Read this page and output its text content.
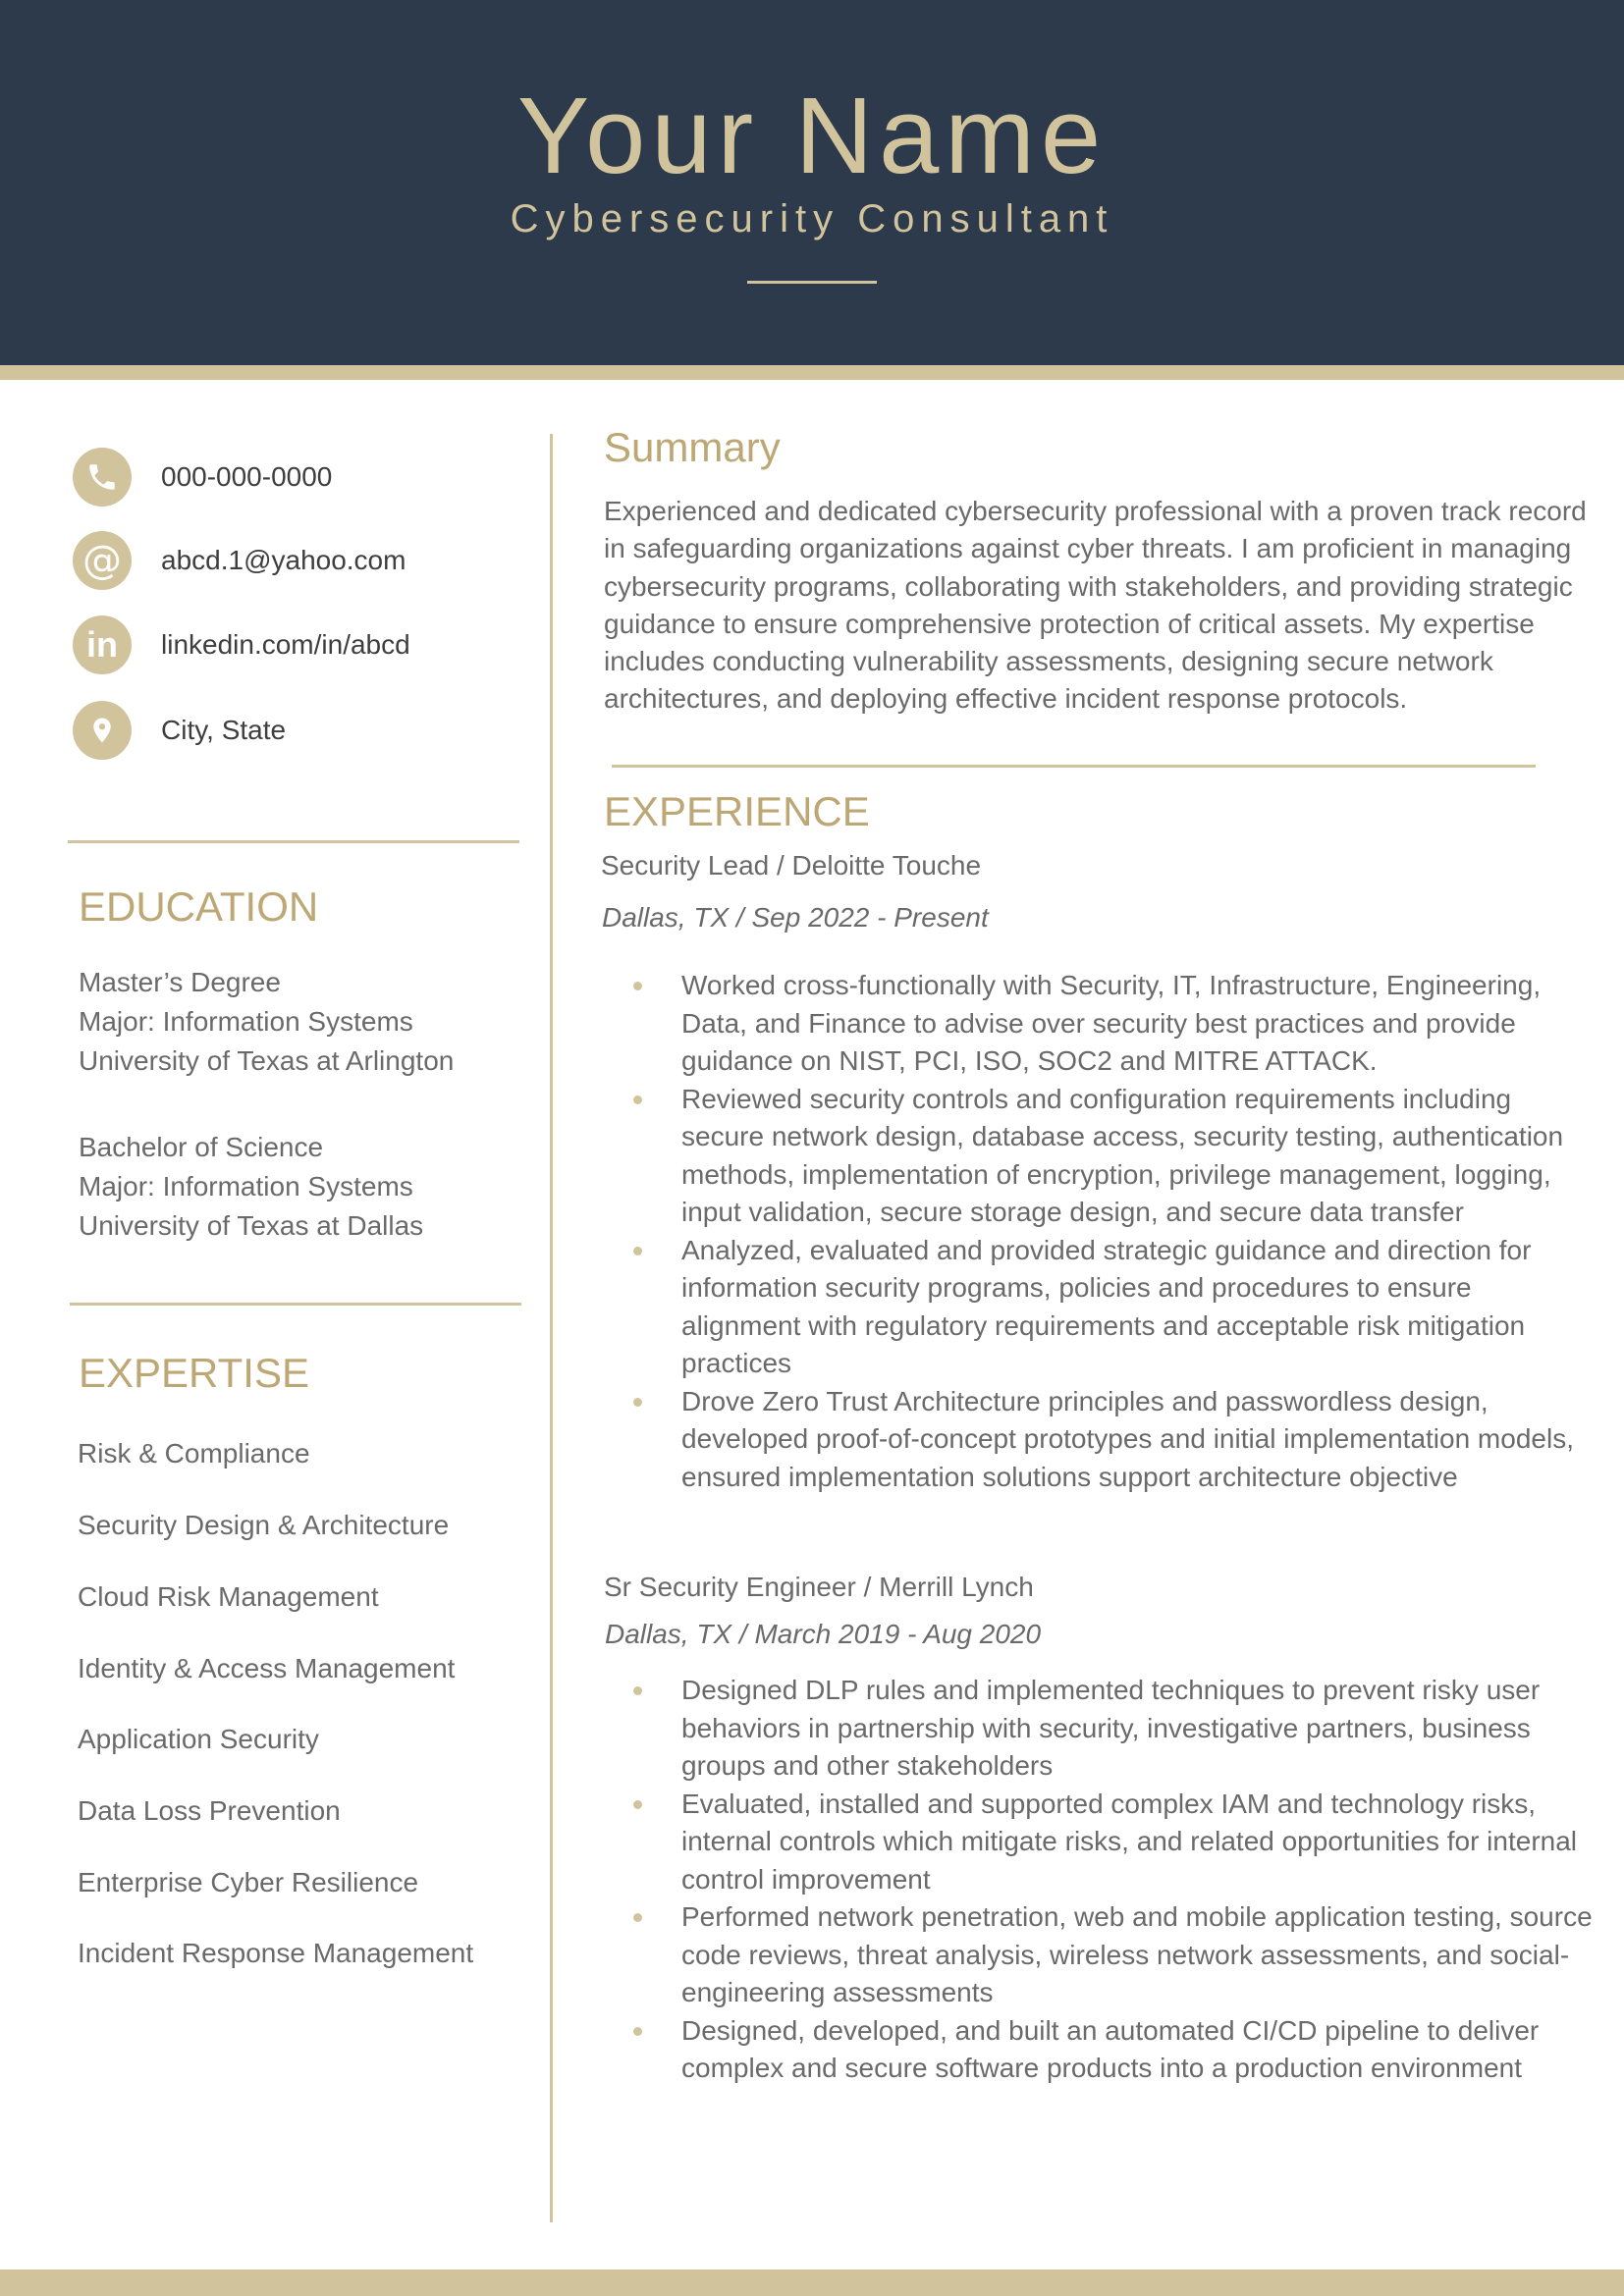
Your Name
Cybersecurity Consultant
000-000-0000
@ abcd.1@yahoo.com
in linkedin.com/in/abcd
City, State
EDUCATION
Master’s Degree
Major: Information Systems
University of Texas at Arlington
Bachelor of Science
Major: Information Systems
University of Texas at Dallas
EXPERTISE
Risk & Compliance
Security Design & Architecture
Cloud Risk Management
Identity & Access Management
Application Security
Data Loss Prevention
Enterprise Cyber Resilience
Incident Response Management
Summary
Experienced and dedicated cybersecurity professional with a proven track record in safeguarding organizations against cyber threats. I am proficient in managing cybersecurity programs, collaborating with stakeholders, and providing strategic guidance to ensure comprehensive protection of critical assets. My expertise includes conducting vulnerability assessments, designing secure network architectures, and deploying effective incident response protocols.
EXPERIENCE
Security Lead / Deloitte Touche
Dallas, TX / Sep 2022 - Present
Worked cross-functionally with Security, IT, Infrastructure, Engineering, Data, and Finance to advise over security best practices and provide guidance on NIST, PCI, ISO, SOC2 and MITRE ATTACK.
Reviewed security controls and configuration requirements including secure network design, database access, security testing, authentication methods, implementation of encryption, privilege management, logging, input validation, secure storage design, and secure data transfer
Analyzed, evaluated and provided strategic guidance and direction for information security programs, policies and procedures to ensure alignment with regulatory requirements and acceptable risk mitigation practices
Drove Zero Trust Architecture principles and passwordless design, developed proof-of-concept prototypes and initial implementation models, ensured implementation solutions support architecture objective
Sr Security Engineer / Merrill Lynch
Dallas, TX / March 2019 - Aug 2020
Designed DLP rules and implemented techniques to prevent risky user behaviors in partnership with security, investigative partners, business groups and other stakeholders
Evaluated, installed and supported complex IAM and technology risks, internal controls which mitigate risks, and related opportunities for internal control improvement
Performed network penetration, web and mobile application testing, source code reviews, threat analysis, wireless network assessments, and social-engineering assessments
Designed, developed, and built an automated CI/CD pipeline to deliver complex and secure software products into a production environment
